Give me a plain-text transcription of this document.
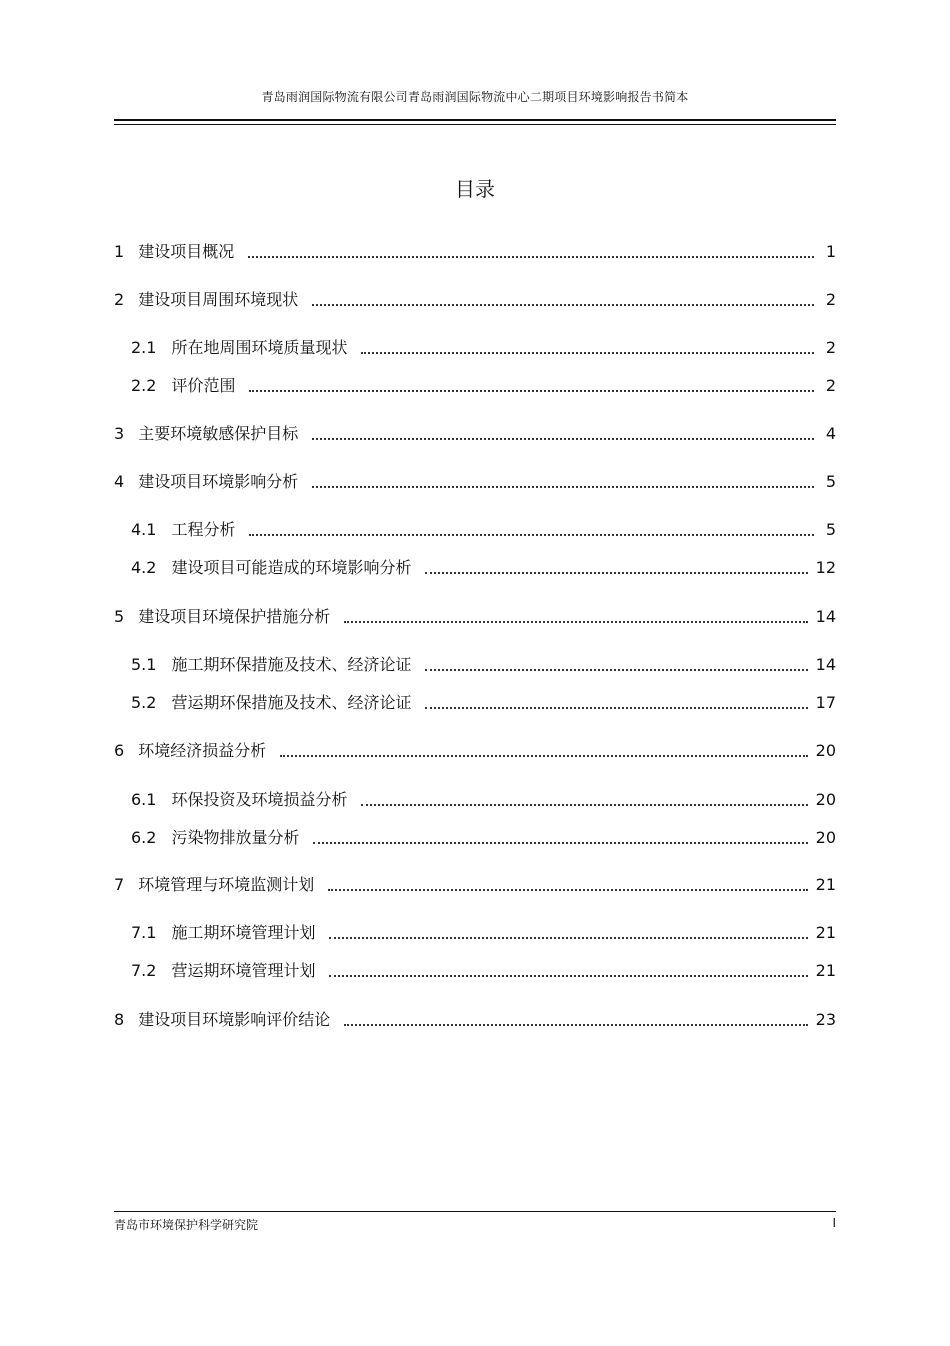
青岛雨润国际物流有限公司青岛雨润国际物流中心二期项目环境影响报告书简本
目录
1 建设项目概况	1
2 建设项目周围环境现状	2
2.1 所在地周围环境质量现状	2
2.2 评价范围	2
3 主要环境敏感保护目标	4
4 建设项目环境影响分析	5
4.1 工程分析	5
4.2 建设项目可能造成的环境影响分析	12
5 建设项目环境保护措施分析	14
5.1 施工期环保措施及技术、经济论证	14
5.2 营运期环保措施及技术、经济论证	17
6 环境经济损益分析	20
6.1 环保投资及环境损益分析	20
6.2 污染物排放量分析	20
7 环境管理与环境监测计划	21
7.1 施工期环境管理计划	21
7.2 营运期环境管理计划	21
8 建设项目环境影响评价结论	23
青岛市环境保护科学研究院	I
